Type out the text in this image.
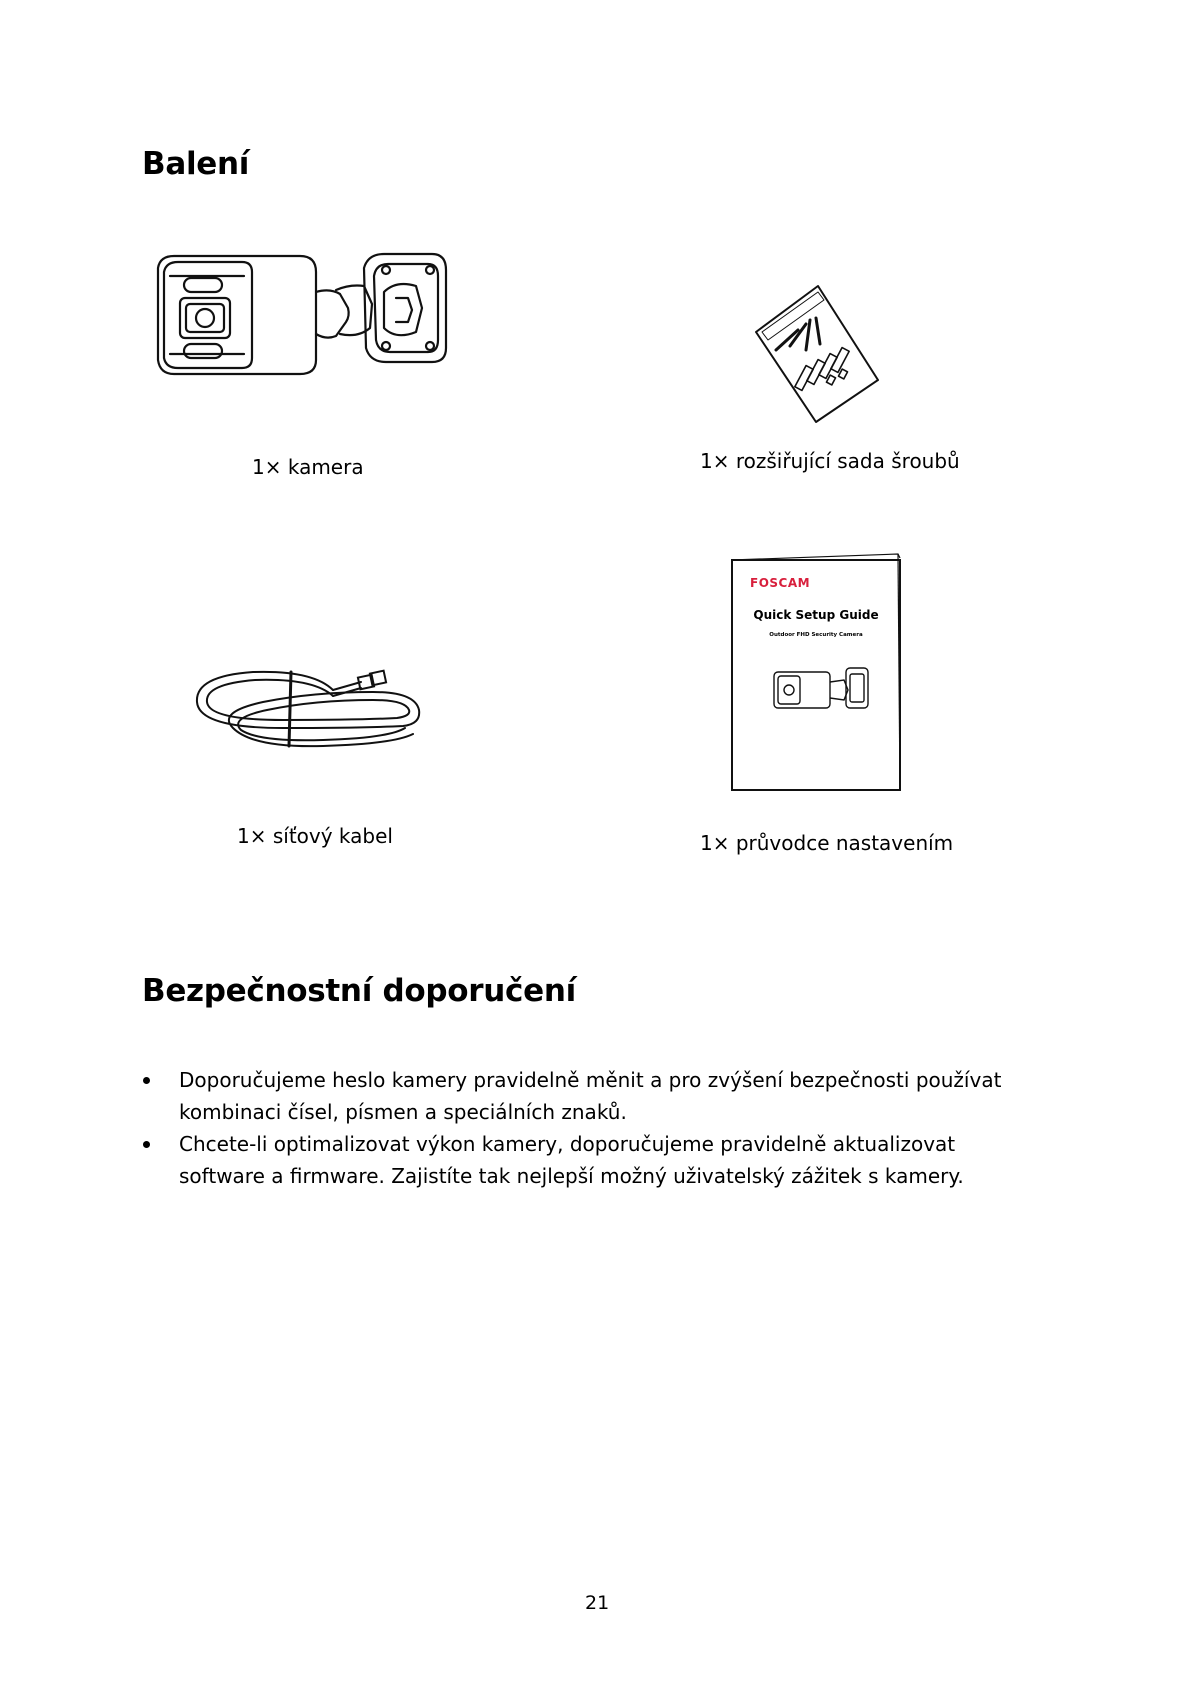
Balení
1× kamera	1× rozšiřující sada šroubů
1× síťový kabel
FOSCAM
Quick Setup Guide
Outdoor FHD Security Camera
1× průvodce nastavením
Bezpečnostní doporučení
Doporučujeme heslo kamery pravidelně měnit a pro zvýšení bezpečnosti používat kombinaci čísel, písmen a speciálních znaků.
Chcete-li optimalizovat výkon kamery, doporučujeme pravidelně aktualizovat software a firmware. Zajistíte tak nejlepší možný uživatelský zážitek s kamery.
21
